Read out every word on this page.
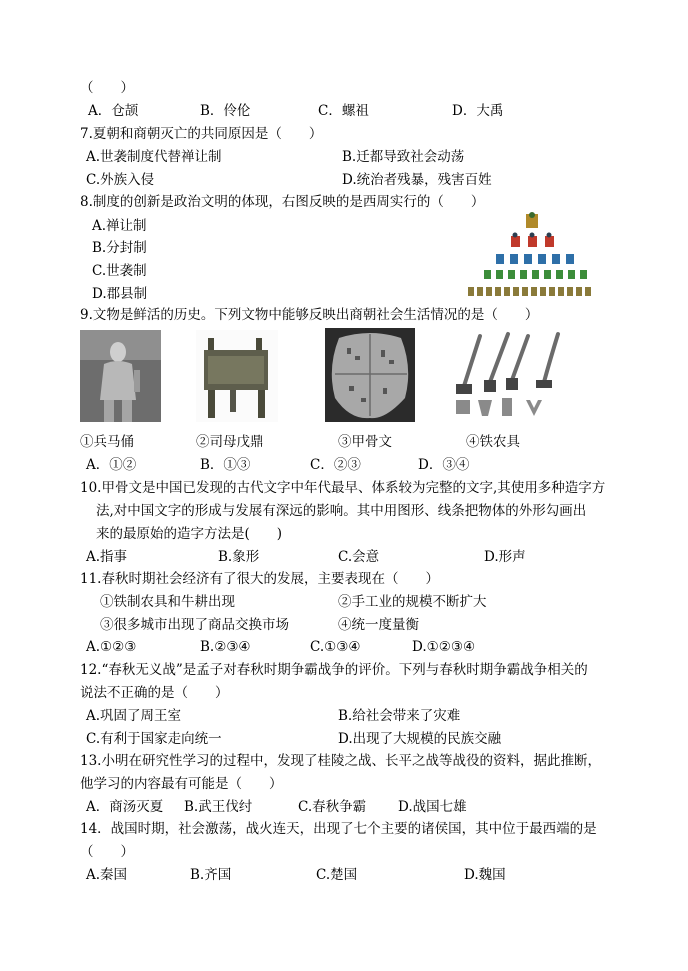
（　　）
A．仓颉	B．伶伦	C．螺祖	D．大禹
7.夏朝和商朝灭亡的共同原因是（　　）
A.世袭制度代替禅让制	B.迁都导致社会动荡
C.外族入侵	D.统治者残暴，残害百姓
8.制度的创新是政治文明的体现，右图反映的是西周实行的（　　）
A.禅让制
B.分封制
C.世袭制
D.郡县制
9.文物是鲜活的历史。下列文物中能够反映出商朝社会生活情况的是（　　）
①兵马俑	②司母戊鼎	③甲骨文	④铁农具
A．①②	B．①③	C．②③	D．③④
10.甲骨文是中国已发现的古代文字中年代最早、体系较为完整的文字,其使用多种造字方
法,对中国文字的形成与发展有深远的影响。其中用图形、线条把物体的外形勾画出
来的最原始的造字方法是(　　)
A.指事	B.象形	C.会意	D.形声
11.春秋时期社会经济有了很大的发展，主要表现在（　　）
①铁制农具和牛耕出现	②手工业的规模不断扩大
③很多城市出现了商品交换市场	④统一度量衡
A.①②③	B.②③④	C.①③④	D.①②③④
12.“春秋无义战”是孟子对春秋时期争霸战争的评价。下列与春秋时期争霸战争相关的
说法不正确的是（　　）
A.巩固了周王室	B.给社会带来了灾难
C.有利于国家走向统一	D.出现了大规模的民族交融
13.小明在研究性学习的过程中，发现了桂陵之战、长平之战等战役的资料，据此推断，
他学习的内容最有可能是（　　）
A．商汤灭夏 B.武王伐纣	C.春秋争霸 D.战国七雄
14．战国时期，社会激荡，战火连天，出现了七个主要的诸侯国，其中位于最西端的是
（　　）
A.秦国	B.齐国	C.楚国	D.魏国
